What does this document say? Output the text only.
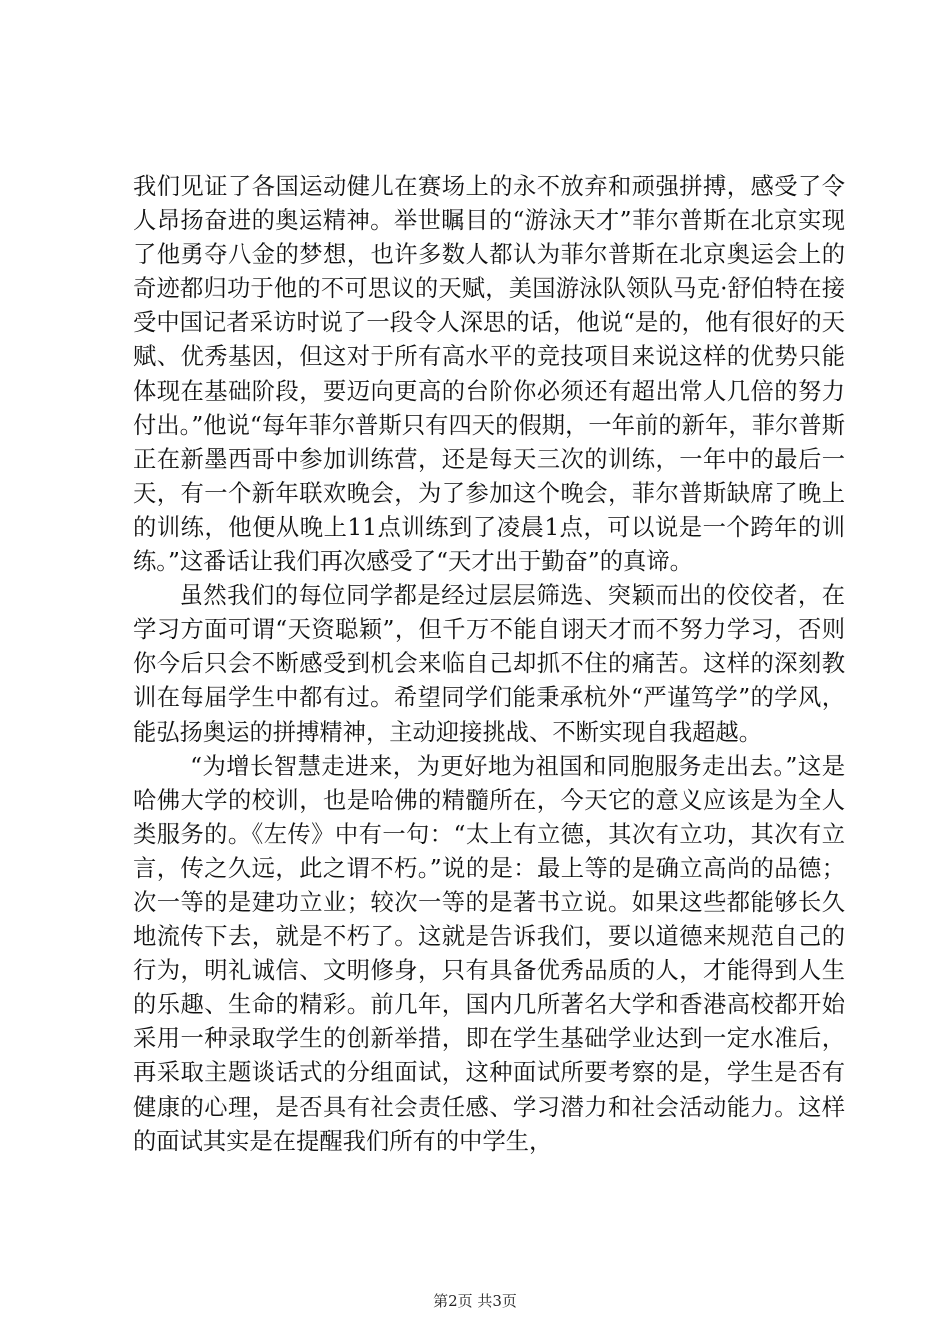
我们见证了各国运动健儿在赛场上的永不放弃和顽强拼搏，感受了令人昂扬奋进的奥运精神。举世瞩目的“游泳天才”菲尔普斯在北京实现了他勇夺八金的梦想，也许多数人都认为菲尔普斯在北京奥运会上的奇迹都归功于他的不可思议的天赋，美国游泳队领队马克·舒伯特在接受中国记者采访时说了一段令人深思的话，他说“是的，他有很好的天赋、优秀基因，但这对于所有高水平的竞技项目来说这样的优势只能体现在基础阶段，要迈向更高的台阶你必须还有超出常人几倍的努力付出。”他说“每年菲尔普斯只有四天的假期，一年前的新年，菲尔普斯正在新墨西哥中参加训练营，还是每天三次的训练，一年中的最后一天，有一个新年联欢晚会，为了参加这个晚会，菲尔普斯缺席了晚上的训练，他便从晚上11点训练到了凌晨1点，可以说是一个跨年的训练。”这番话让我们再次感受了“天才出于勤奋”的真谛。

虽然我们的每位同学都是经过层层筛选、突颖而出的佼佼者，在学习方面可谓“天资聪颖”，但千万不能自诩天才而不努力学习，否则你今后只会不断感受到机会来临自己却抓不住的痛苦。这样的深刻教训在每届学生中都有过。希望同学们能秉承杭外“严谨笃学”的学风，能弘扬奥运的拼搏精神，主动迎接挑战、不断实现自我超越。

“为增长智慧走进来，为更好地为祖国和同胞服务走出去。”这是哈佛大学的校训，也是哈佛的精髓所在，今天它的意义应该是为全人类服务的。《左传》中有一句：“太上有立德，其次有立功，其次有立言，传之久远，此之谓不朽。”说的是：最上等的是确立高尚的品德；次一等的是建功立业；较次一等的是著书立说。如果这些都能够长久地流传下去，就是不朽了。这就是告诉我们，要以道德来规范自己的行为，明礼诚信、文明修身，只有具备优秀品质的人，才能得到人生的乐趣、生命的精彩。前几年，国内几所著名大学和香港高校都开始采用一种录取学生的创新举措，即在学生基础学业达到一定水准后，再采取主题谈话式的分组面试，这种面试所要考察的是，学生是否有健康的心理，是否具有社会责任感、学习潜力和社会活动能力。这样的面试其实是在提醒我们所有的中学生，

第2页 共3页
